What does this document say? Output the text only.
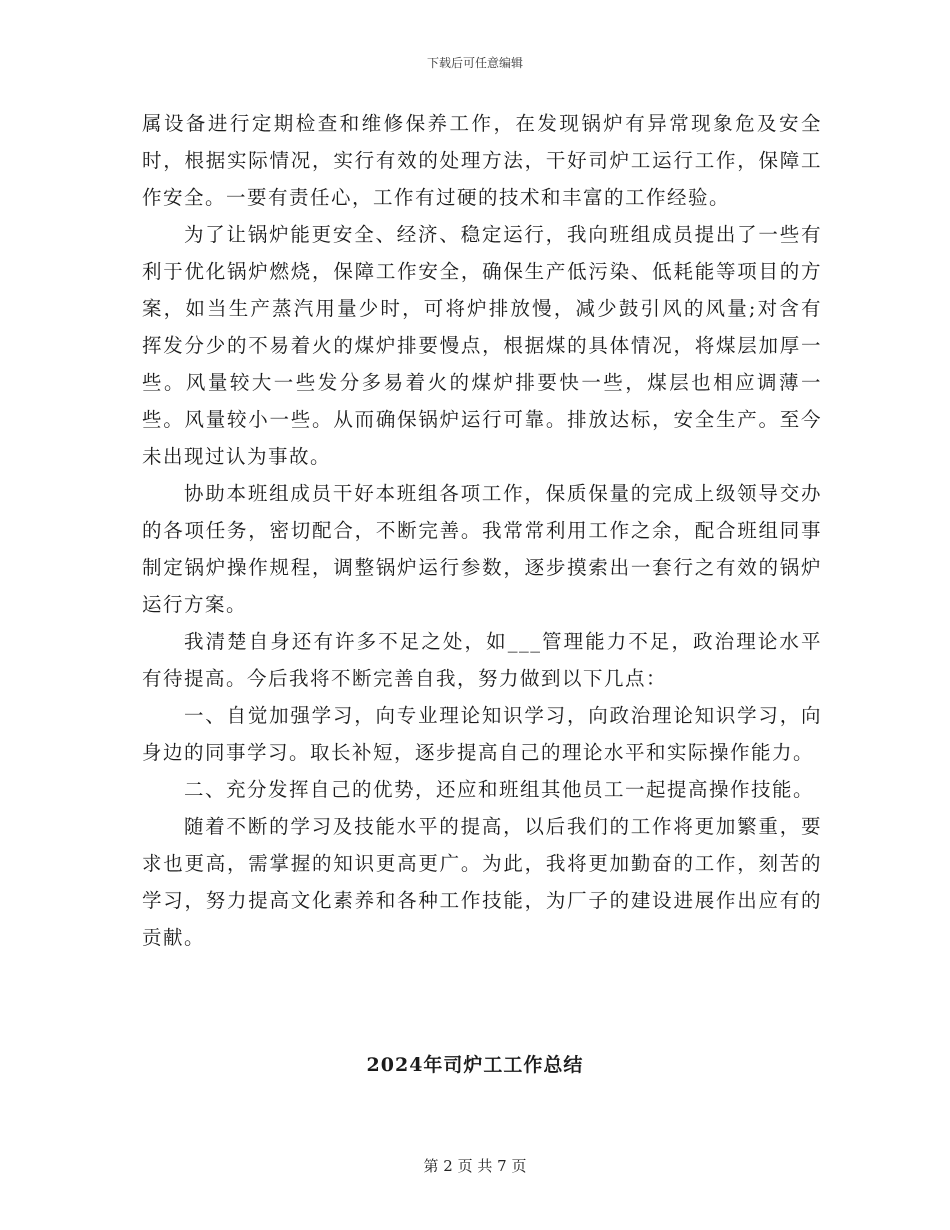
下载后可任意编辑

属设备进行定期检查和维修保养工作，在发现锅炉有异常现象危及安全时，根据实际情况，实行有效的处理方法，干好司炉工运行工作，保障工作安全。一要有责任心，工作有过硬的技术和丰富的工作经验。

为了让锅炉能更安全、经济、稳定运行，我向班组成员提出了一些有利于优化锅炉燃烧，保障工作安全，确保生产低污染、低耗能等项目的方案，如当生产蒸汽用量少时，可将炉排放慢，减少鼓引风的风量;对含有挥发分少的不易着火的煤炉排要慢点，根据煤的具体情况，将煤层加厚一些。风量较大一些发分多易着火的煤炉排要快一些，煤层也相应调薄一些。风量较小一些。从而确保锅炉运行可靠。排放达标，安全生产。至今未出现过认为事故。

协助本班组成员干好本班组各项工作，保质保量的完成上级领导交办的各项任务，密切配合，不断完善。我常常利用工作之余，配合班组同事制定锅炉操作规程，调整锅炉运行参数，逐步摸索出一套行之有效的锅炉运行方案。

我清楚自身还有许多不足之处，如___管理能力不足，政治理论水平有待提高。今后我将不断完善自我，努力做到以下几点：

一、自觉加强学习，向专业理论知识学习，向政治理论知识学习，向身边的同事学习。取长补短，逐步提高自己的理论水平和实际操作能力。

二、充分发挥自己的优势，还应和班组其他员工一起提高操作技能。

随着不断的学习及技能水平的提高，以后我们的工作将更加繁重，要求也更高，需掌握的知识更高更广。为此，我将更加勤奋的工作，刻苦的学习，努力提高文化素养和各种工作技能，为厂子的建设进展作出应有的贡献。

2024年司炉工工作总结
第 2 页 共 7 页
